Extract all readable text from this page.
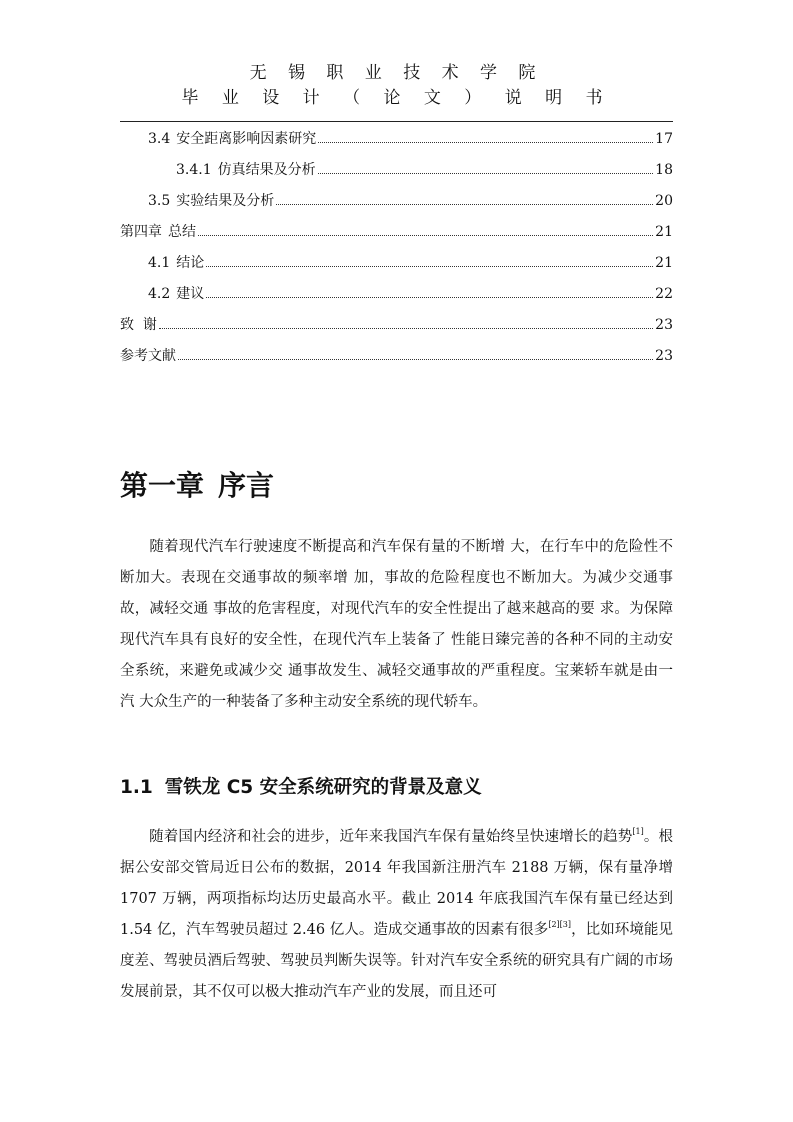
无 锡 职 业 技 术 学 院
毕 业 设 计 （ 论 文 ） 说 明 书
3.4 安全距离影响因素研究	17
3.4.1 仿真结果及分析	18
3.5 实验结果及分析	20
第四章 总结	21
4.1 结论	21
4.2 建议	22
致  谢	23
参考文献	23
第一章 序言
随着现代汽车行驶速度不断提高和汽车保有量的不断增 大，在行车中的危险性不断加大。表现在交通事故的频率增 加，事故的危险程度也不断加大。为减少交通事故，减轻交通 事故的危害程度，对现代汽车的安全性提出了越来越高的要 求。为保障现代汽车具有良好的安全性，在现代汽车上装备了 性能日臻完善的各种不同的主动安全系统，来避免或减少交 通事故发生、减轻交通事故的严重程度。宝莱轿车就是由一汽 大众生产的一种装备了多种主动安全系统的现代轿车。
1.1 雪铁龙 C5 安全系统研究的背景及意义
随着国内经济和社会的进步，近年来我国汽车保有量始终呈快速增长的趋势[1]。根据公安部交管局近日公布的数据，2014 年我国新注册汽车 2188 万辆，保有量净增 1707 万辆，两项指标均达历史最高水平。截止 2014 年底我国汽车保有量已经达到 1.54 亿，汽车驾驶员超过 2.46 亿人。造成交通事故的因素有很多[2][3]，比如环境能见度差、驾驶员酒后驾驶、驾驶员判断失误等。针对汽车安全系统的研究具有广阔的市场发展前景，其不仅可以极大推动汽车产业的发展，而且还可
